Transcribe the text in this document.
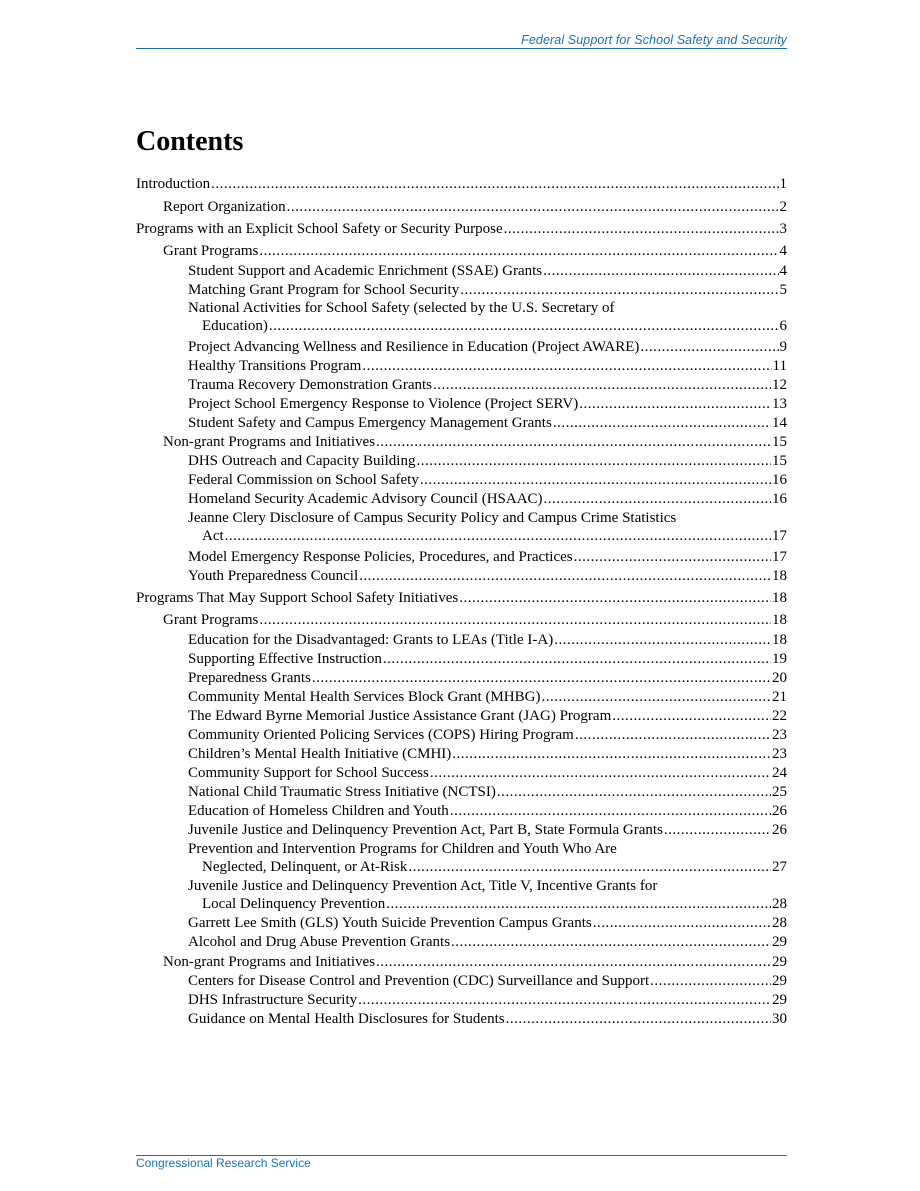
Federal Support for School Safety and Security
Contents
Introduction .....	1
Report Organization .....	2
Programs with an Explicit School Safety or Security Purpose .....	3
Grant Programs .....	4
Student Support and Academic Enrichment (SSAE) Grants .....	4
Matching Grant Program for School Security .....	5
National Activities for School Safety (selected by the U.S. Secretary of
Education) .....	6
Project Advancing Wellness and Resilience in Education (Project AWARE) .....	9
Healthy Transitions Program .....	11
Trauma Recovery Demonstration Grants .....	12
Project School Emergency Response to Violence (Project SERV) .....	13
Student Safety and Campus Emergency Management Grants .....	14
Non-grant Programs and Initiatives .....	15
DHS Outreach and Capacity Building .....	15
Federal Commission on School Safety .....	16
Homeland Security Academic Advisory Council (HSAAC) .....	16
Jeanne Clery Disclosure of Campus Security Policy and Campus Crime Statistics
Act .....	17
Model Emergency Response Policies, Procedures, and Practices .....	17
Youth Preparedness Council .....	18
Programs That May Support School Safety Initiatives .....	18
Grant Programs .....	18
Education for the Disadvantaged: Grants to LEAs (Title I-A) .....	18
Supporting Effective Instruction .....	19
Preparedness Grants .....	20
Community Mental Health Services Block Grant (MHBG) .....	21
The Edward Byrne Memorial Justice Assistance Grant (JAG) Program .....	22
Community Oriented Policing Services (COPS) Hiring Program .....	23
Children’s Mental Health Initiative (CMHI) .....	23
Community Support for School Success .....	24
National Child Traumatic Stress Initiative (NCTSI) .....	25
Education of Homeless Children and Youth .....	26
Juvenile Justice and Delinquency Prevention Act, Part B, State Formula Grants .....	26
Prevention and Intervention Programs for Children and Youth Who Are
Neglected, Delinquent, or At-Risk .....	27
Juvenile Justice and Delinquency Prevention Act, Title V, Incentive Grants for
Local Delinquency Prevention .....	28
Garrett Lee Smith (GLS) Youth Suicide Prevention Campus Grants .....	28
Alcohol and Drug Abuse Prevention Grants .....	29
Non-grant Programs and Initiatives .....	29
Centers for Disease Control and Prevention (CDC) Surveillance and Support .....	29
DHS Infrastructure Security .....	29
Guidance on Mental Health Disclosures for Students .....	30
Congressional Research Service
